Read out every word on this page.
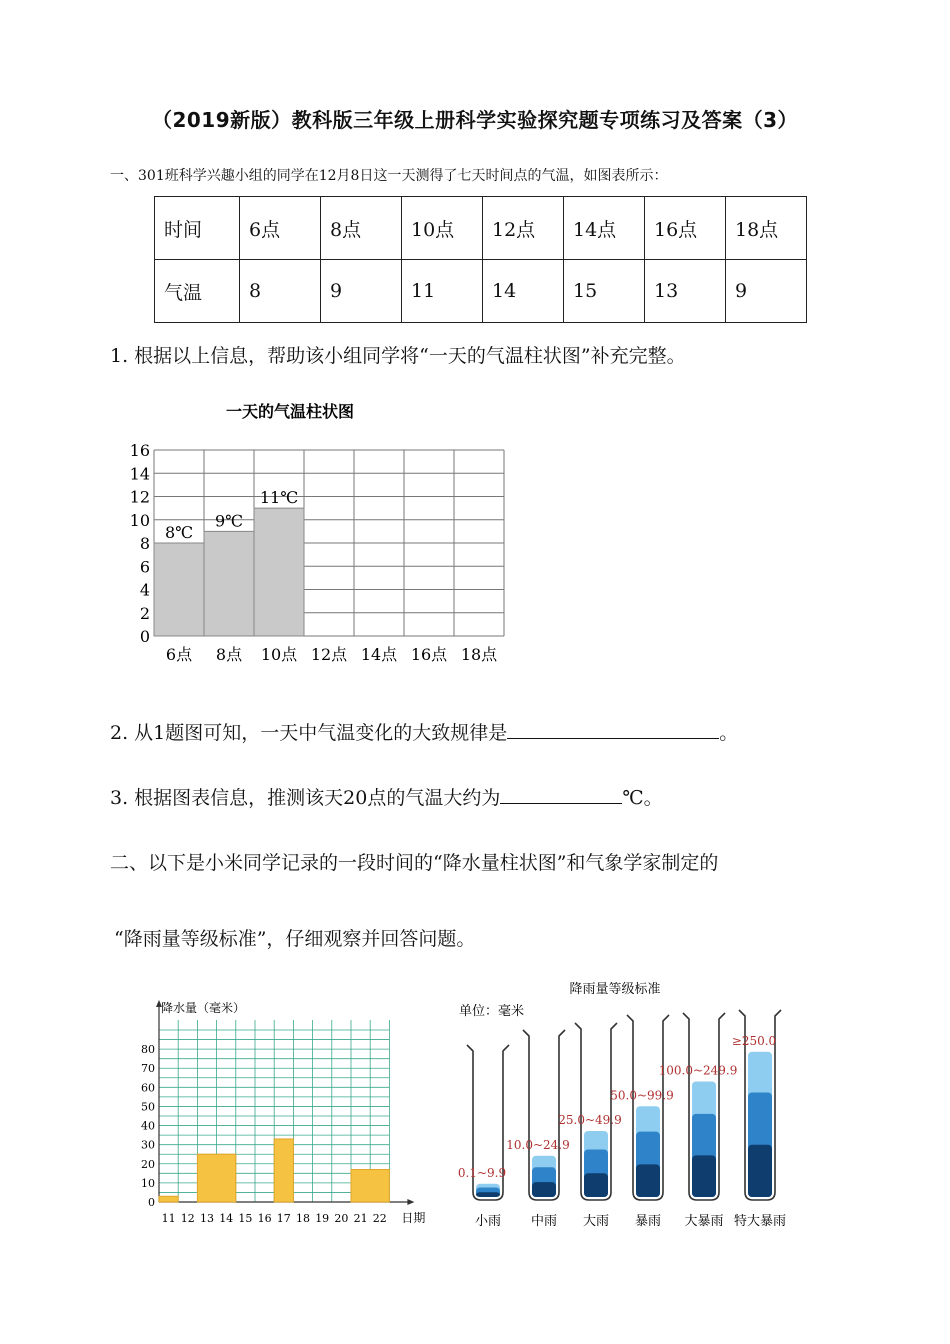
（2019新版）教科版三年级上册科学实验探究题专项练习及答案（3）
一、301班科学兴趣小组的同学在12月8日这一天测得了七天时间点的气温，如图表所示：
时间	6点	8点	10点	12点	14点	16点	18点
气温	8	9	11	14	15	13	9
1. 根据以上信息，帮助该小组同学将“一天的气温柱状图”补充完整。
一天的气温柱状图
0
2
4
6
8
10
12
14
16
8℃
9℃
11℃
6点 8点 10点 12点 14点 16点 18点
2. 从1题图可知，一天中气温变化的大致规律是	。
3. 根据图表信息，推测该天20点的气温大约为	℃。
二、以下是小米同学记录的一段时间的“降水量柱状图”和气象学家制定的
“降雨量等级标准”，仔细观察并回答问题。
0
10
20
30
40
50
60
70
80
降水量（毫米）
日期
11 12 13 14 15 16 17 18 19 20 21 22
降雨量等级标准
单位：毫米
0.1~9.9
小雨
10.0~24.9
中雨
25.0~49.9
大雨
50.0~99.9
暴雨
100.0~249.9
大暴雨
≥250.0
特大暴雨
